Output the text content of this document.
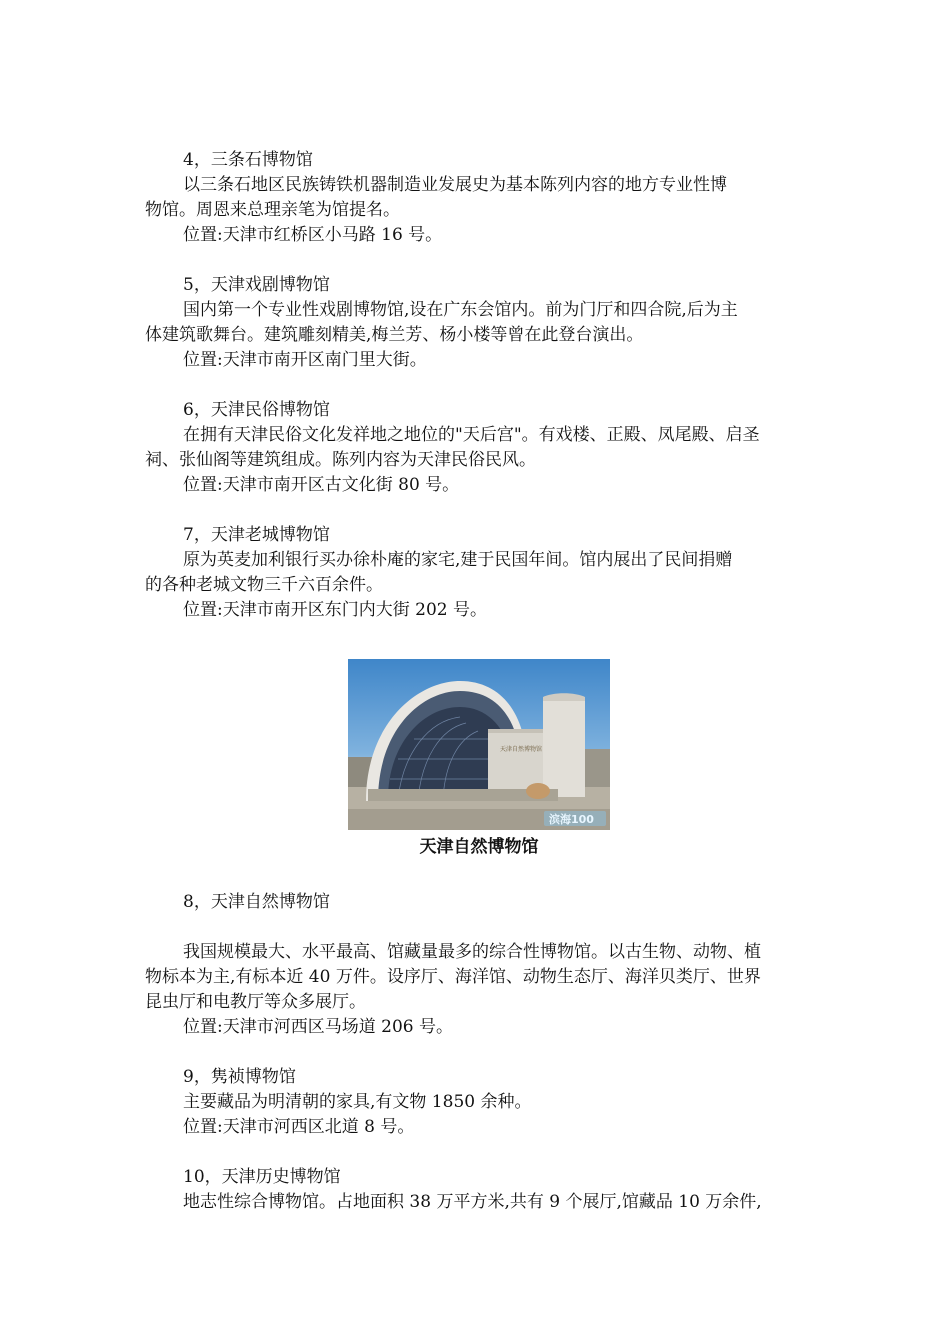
4，三条石博物馆
以三条石地区民族铸铁机器制造业发展史为基本陈列内容的地方专业性博
物馆。周恩来总理亲笔为馆提名。
位置:天津市红桥区小马路 16 号。
5，天津戏剧博物馆
国内第一个专业性戏剧博物馆,设在广东会馆内。前为门厅和四合院,后为主
体建筑歌舞台。建筑雕刻精美,梅兰芳、杨小楼等曾在此登台演出。
位置:天津市南开区南门里大街。
6，天津民俗博物馆
在拥有天津民俗文化发祥地之地位的"天后宫"。有戏楼、正殿、凤尾殿、启圣
祠、张仙阁等建筑组成。陈列内容为天津民俗民风。
位置:天津市南开区古文化街 80 号。
7，天津老城博物馆
原为英麦加利银行买办徐朴庵的家宅,建于民国年间。馆内展出了民间捐赠
的各种老城文物三千六百余件。
位置:天津市南开区东门内大街 202 号。
天津自然博物馆
滨海100
天津自然博物馆
8，天津自然博物馆
我国规模最大、水平最高、馆藏量最多的综合性博物馆。以古生物、动物、植
物标本为主,有标本近 40 万件。设序厅、海洋馆、动物生态厅、海洋贝类厅、世界
昆虫厅和电教厅等众多展厅。
位置:天津市河西区马场道 206 号。
9，隽祯博物馆
主要藏品为明清朝的家具,有文物 1850 余种。
位置:天津市河西区北道 8 号。
10，天津历史博物馆
地志性综合博物馆。占地面积 38 万平方米,共有 9 个展厅,馆藏品 10 万余件,
